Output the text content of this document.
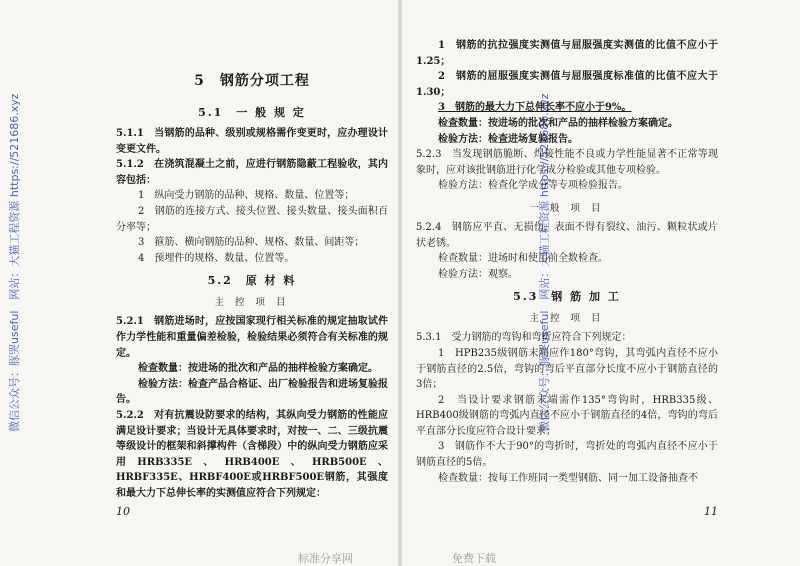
微信公众号：豚哭useful　网站：大猫工程资源 https://521686.xyz	微信公众号：豚哭useful　网站：大猫工程资源 https://521686.xyz
5　钢筋分项工程
5.1　一 般 规 定

5.1.1　当钢筋的品种、级别或规格需作变更时，应办理设计变更文件。

5.1.2　在浇筑混凝土之前，应进行钢筋隐蔽工程验收，其内容包括：

1　纵向受力钢筋的品种、规格、数量、位置等；

2　钢筋的连接方式、接头位置、接头数量、接头面积百分率等；

3　箍筋、横向钢筋的品种、规格、数量、间距等；

4　预埋件的规格、数量、位置等。

5.2　原 材 料
主 控 项 目

5.2.1　钢筋进场时，应按国家现行相关标准的规定抽取试件作力学性能和重量偏差检验，检验结果必须符合有关标准的规定。

检查数量：按进场的批次和产品的抽样检验方案确定。

检验方法：检查产品合格证、出厂检验报告和进场复验报告。

5.2.2　对有抗震设防要求的结构，其纵向受力钢筋的性能应满足设计要求；当设计无具体要求时，对按一、二、三级抗震等级设计的框架和斜撑构件（含梯段）中的纵向受力钢筋应采用HRB335E、HRB400E、HRB500E、HRBF335E、HRBF400E或HRBF500E钢筋，其强度和最大力下总伸长率的实测值应符合下列规定：

10

1　钢筋的抗拉强度实测值与屈服强度实测值的比值不应小于1.25；

2　钢筋的屈服强度实测值与屈服强度标准值的比值不应大于1.30；

3　钢筋的最大力下总伸长率不应小于9%。

检查数量：按进场的批次和产品的抽样检验方案确定。

检验方法：检查进场复验报告。

5.2.3　当发现钢筋脆断、焊接性能不良或力学性能显著不正常等现象时，应对该批钢筋进行化学成分检验或其他专项检验。

检验方法：检查化学成分等专项检验报告。

一 般 项 目

5.2.4　钢筋应平直、无损伤，表面不得有裂纹、油污、颗粒状或片状老锈。

检查数量：进场时和使用前全数检查。

检验方法：观察。

5.3　钢 筋 加 工
主 控 项 目

5.3.1　受力钢筋的弯钩和弯折应符合下列规定：

1　HPB235级钢筋末端应作180°弯钩，其弯弧内直径不应小于钢筋直径的2.5倍，弯钩的弯后平直部分长度不应小于钢筋直径的3倍；

2　当设计要求钢筋末端需作135°弯钩时，HRB335级、HRB400级钢筋的弯弧内直径不应小于钢筋直径的4倍，弯钩的弯后平直部分长度应符合设计要求；

3　钢筋作不大于90°的弯折时，弯折处的弯弧内直径不应小于钢筋直径的5倍。

检查数量：按每工作班同一类型钢筋、同一加工设备抽查不

11
标准分享网	免费下载
